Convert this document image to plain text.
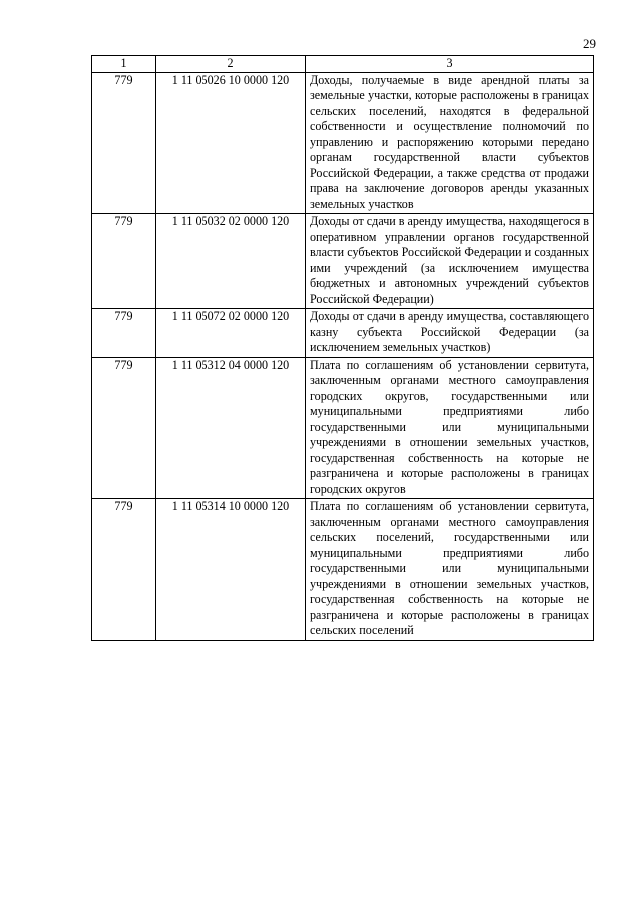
29
1	2	3
779	1 11 05026 10 0000 120	Доходы, получаемые в виде арендной платы за земельные участки, которые расположены в границах сельских поселений, находятся в федеральной собственности и осуществление полномочий по управлению и распоряжению которыми передано органам государственной власти субъектов Российской Федерации, а также средства от продажи права на заключение договоров аренды указанных земельных участков
779	1 11 05032 02 0000 120	Доходы от сдачи в аренду имущества, находящегося в оперативном управлении органов государственной власти субъектов Российской Федерации и созданных ими учреждений (за исключением имущества бюджетных и автономных учреждений субъектов Российской Федерации)
779	1 11 05072 02 0000 120	Доходы от сдачи в аренду имущества, составляющего казну субъекта Российской Федерации (за исключением земельных участков)
779	1 11 05312 04 0000 120	Плата по соглашениям об установлении сервитута, заключенным органами местного самоуправления городских округов, государственными или муниципальными предприятиями либо государственными или муниципальными учреждениями в отношении земельных участков, государственная собственность на которые не разграничена и которые расположены в границах городских округов
779	1 11 05314 10 0000 120	Плата по соглашениям об установлении сервитута, заключенным органами местного самоуправления сельских поселений, государственными или муниципальными предприятиями либо государственными или муниципальными учреждениями в отношении земельных участков, государственная собственность на которые не разграничена и которые расположены в границах сельских поселений
